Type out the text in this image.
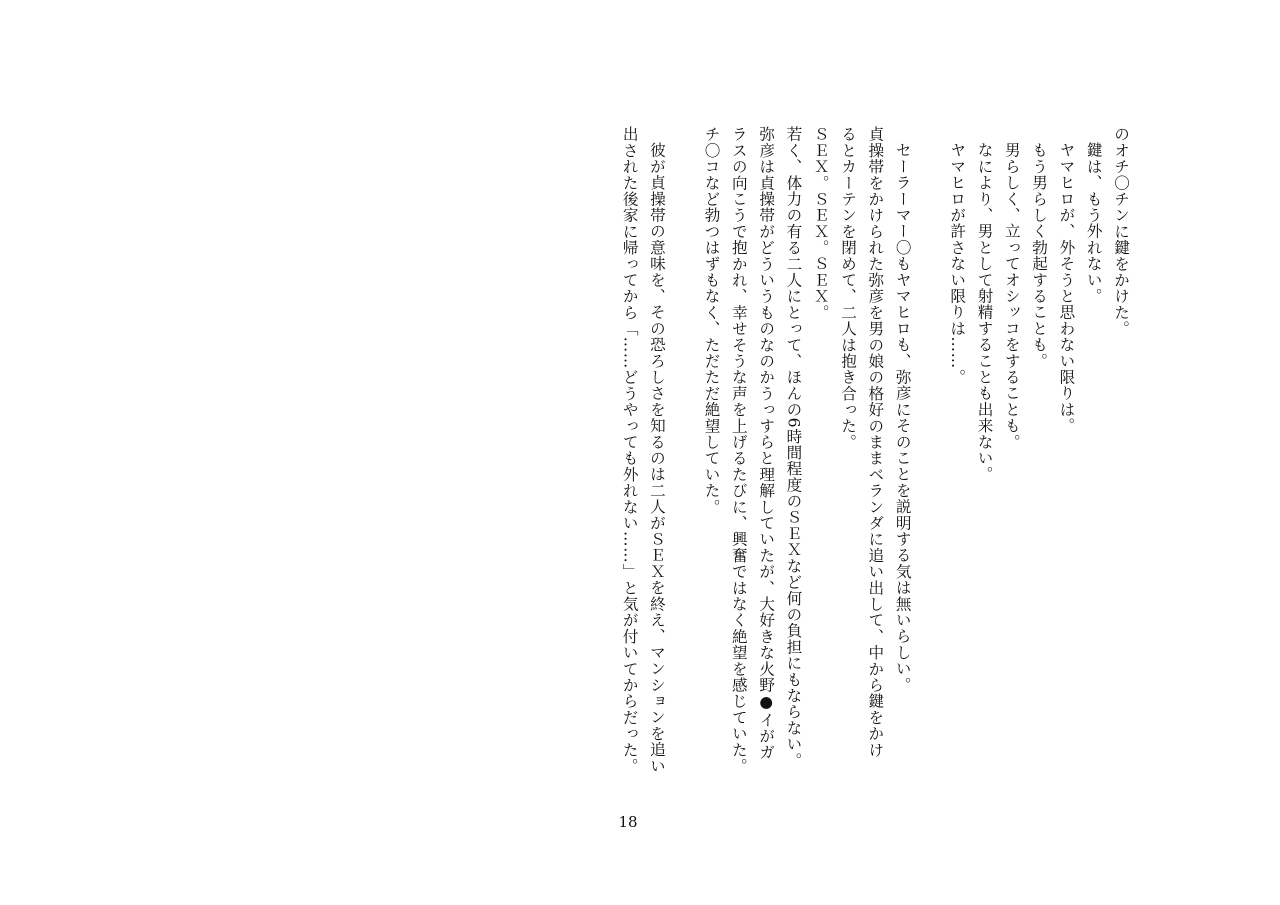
のオチ〇チンに鍵をかけた。
鍵は、もう外れない。
ヤマヒロが、外そうと思わない限りは。
もう男らしく勃起することも。
男らしく、立ってオシッコをすることも。
なにより、男として射精することも出来ない。
ヤマヒロが許さない限りは……。
セーラーマー〇もヤマヒロも、弥彦にそのことを説明する気は無いらしい。
貞操帯をかけられた弥彦を男の娘の格好のままベランダに追い出して、中から鍵をかけ
るとカーテンを閉めて、二人は抱き合った。
ＳＥＸ。ＳＥＸ。ＳＥＸ。
若く、体力の有る二人にとって、ほんの6時間程度のＳＥＸなど何の負担にもならない。
弥彦は貞操帯がどういうものなのかうっすらと理解していたが、大好きな火野●イがガ
ラスの向こうで抱かれ、幸せそうな声を上げるたびに、興奮ではなく絶望を感じていた。
チ〇コなど勃つはずもなく、ただただ絶望していた。
彼が貞操帯の意味を、その恐ろしさを知るのは二人がＳＥＸを終え、マンションを追い
出された後家に帰ってから「……どうやっても外れない……」と気が付いてからだった。
18
